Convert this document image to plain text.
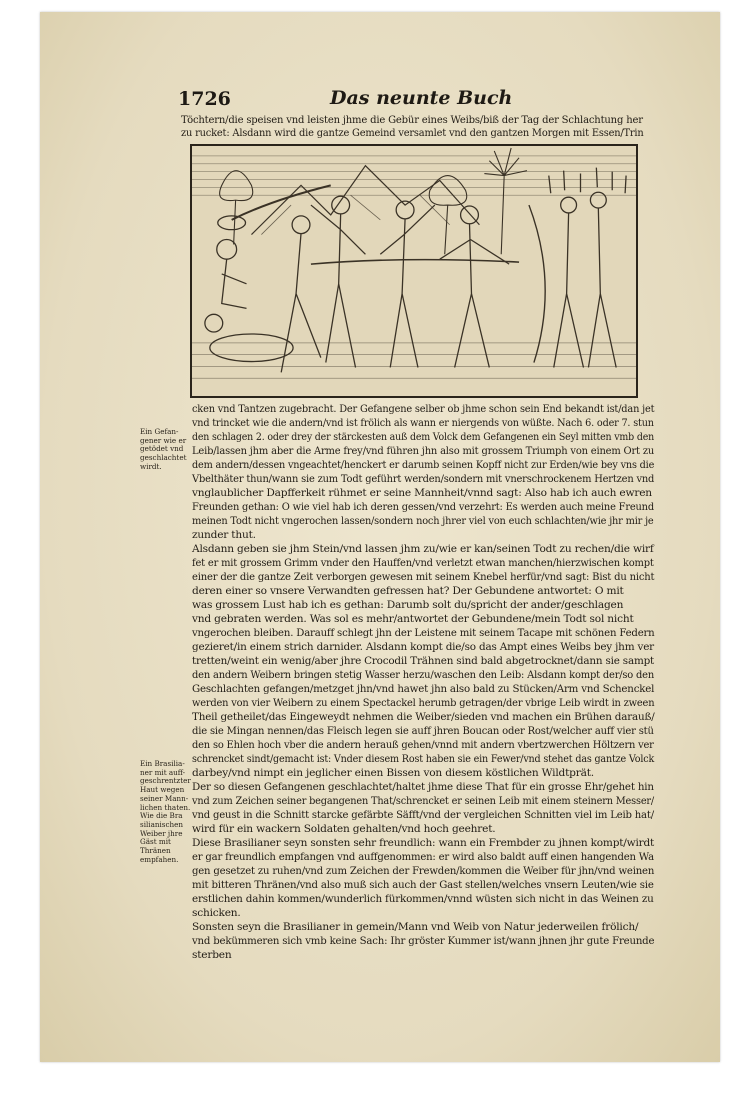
1726	Das neunte Buch
Töchtern/die speisen vnd leisten jhme die Gebür eines Weibs/biß der Tag der Schlachtung her
zu rucket: Alsdann wird die gantze Gemeind versamlet vnd den gantzen Morgen mit Essen/Trin
cken vnd Tantzen zugebracht. Der Gefangene selber ob jhme schon sein End bekandt ist/dan jet
vnd trincket wie die andern/vnd ist frölich als wann er niergends von wüßte. Nach 6. oder 7. stun
den schlagen 2. oder drey der stärckesten auß dem Volck dem Gefangenen ein Seyl mitten vmb den
Leib/lassen jhm aber die Arme frey/vnd führen jhn also mit grossem Triumph von einem Ort zu
dem andern/dessen vngeachtet/henckert er darumb seinen Kopff nicht zur Erden/wie bey vns die
Vbelthäter thun/wann sie zum Todt geführt werden/sondern mit vnerschrockenem Hertzen vnd
vnglaublicher Dapfferkeit rühmet er seine Mannheit/vnnd sagt: Also hab ich auch ewren
Freunden gethan: O wie viel hab ich deren gessen/vnd verzehrt: Es werden auch meine Freund
meinen Todt nicht vngerochen lassen/sondern noch jhrer viel von euch schlachten/wie jhr mir je
zunder thut.
Alsdann geben sie jhm Stein/vnd lassen jhm zu/wie er kan/seinen Todt zu rechen/die wirf
fet er mit grossem Grimm vnder den Hauffen/vnd verletzt etwan manchen/hierzwischen kompt
einer der die gantze Zeit verborgen gewesen mit seinem Knebel herfür/vnd sagt: Bist du nicht
deren einer so vnsere Verwandten gefressen hat? Der Gebundene antwortet: O mit
was grossem Lust hab ich es gethan: Darumb solt du/spricht der ander/geschlagen
vnd gebraten werden. Was sol es mehr/antwortet der Gebundene/mein Todt sol nicht
vngerochen bleiben. Darauff schlegt jhn der Leistene mit seinem Tacape mit schönen Federn
gezieret/in einem strich darnider. Alsdann kompt die/so das Ampt eines Weibs bey jhm ver
tretten/weint ein wenig/aber jhre Crocodil Trähnen sind bald abgetrocknet/dann sie sampt
den andern Weibern bringen stetig Wasser herzu/waschen den Leib: Alsdann kompt der/so den
Geschlachten gefangen/metzget jhn/vnd hawet jhn also bald zu Stücken/Arm vnd Schenckel
werden von vier Weibern zu einem Spectackel herumb getragen/der vbrige Leib wirdt in zween
Theil getheilet/das Eingeweydt nehmen die Weiber/sieden vnd machen ein Brühen darauß/
die sie Mingan nennen/das Fleisch legen sie auff jhren Boucan oder Rost/welcher auff vier stü
den so Ehlen hoch vber die andern herauß gehen/vnnd mit andern vbertzwerchen Höltzern ver
schrencket sindt/gemacht ist: Vnder diesem Rost haben sie ein Fewer/vnd stehet das gantze Volck
darbey/vnd nimpt ein jeglicher einen Bissen von diesem köstlichen Wildtprät.
Der so diesen Gefangenen geschlachtet/haltet jhme diese That für ein grosse Ehr/gehet hin
vnd zum Zeichen seiner begangenen That/schrencket er seinen Leib mit einem steinern Messer/
vnd geust in die Schnitt starcke gefärbte Säfft/vnd der vergleichen Schnitten viel im Leib hat/
wird für ein wackern Soldaten gehalten/vnd hoch geehret.
Diese Brasilianer seyn sonsten sehr freundlich: wann ein Frembder zu jhnen kompt/wirdt
er gar freundlich empfangen vnd auffgenommen: er wird also baldt auff einen hangenden Wa
gen gesetzet zu ruhen/vnd zum Zeichen der Frewden/kommen die Weiber für jhn/vnd weinen
mit bitteren Thränen/vnd also muß sich auch der Gast stellen/welches vnsern Leuten/wie sie
erstlichen dahin kommen/wunderlich fürkommen/vnnd wüsten sich nicht in das Weinen zu
schicken.
Sonsten seyn die Brasilianer in gemein/Mann vnd Weib von Natur jederweilen frölich/
vnd bekümmeren sich vmb keine Sach: Ihr gröster Kummer ist/wann jhnen jhr gute Freunde
sterben
Ein Gefan-
gener wie er
getödet vnd
geschlachtet
wirdt.
Ein Brasilia-
ner mit auff-
geschrentzter
Haut wegen
seiner Mann-
lichen thaten.
Wie die Bra
silianischen
Weiber jhre
Gäst mit
Thränen
empfahen.
